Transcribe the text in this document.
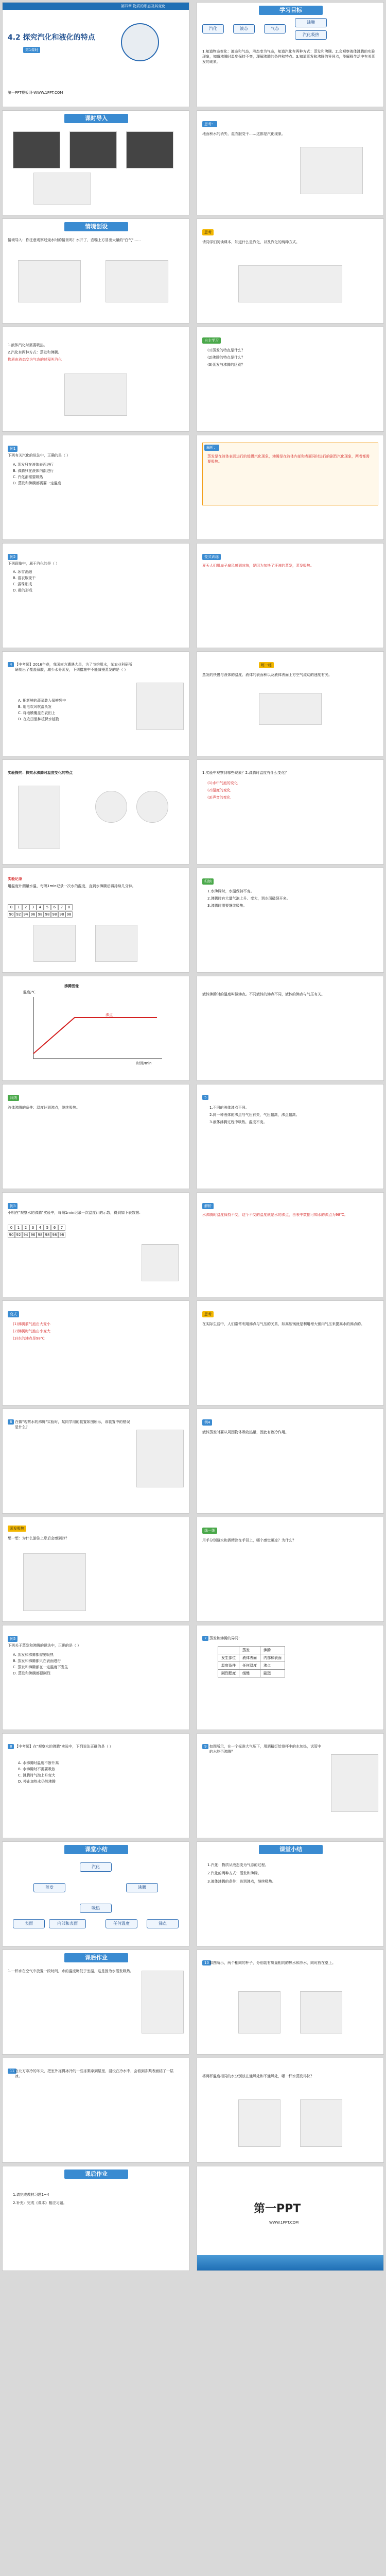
第四章 物质的形态及其变化
4.2 探究汽化和液化的特点
第1课时
第一PPT模板网-WWW.1PPT.COM
学习目标
汽化	液态	气态
沸腾
汽化吸热
1.知道物态变化：液态和气态，液态变为气态，知道汽化有两种方式：蒸发和沸腾。2.会观察液体沸腾的实验现象，知道沸腾时温度保持不变，理解沸腾的条件和特点。3.知道蒸发和沸腾的异同点，能解释生活中有关蒸发的现象。
课时导入
思考：
地面积水的消失、湿衣服变干……这都是汽化现象。
情境创设
情境导入：你注意观察过烧水时的情景吗？水开了，壶嘴上方冒出大量的"白气"……
思考
请同学们阅读课本，知道什么是汽化，以及汽化的两种方式。
1.液体汽化时需要吸热。
2.汽化有两种方式：蒸发和沸腾。
物质由液态变为气态的过程叫汽化
自主学习
(1)蒸发的特点是什么？
(2)沸腾的特点是什么？
(3)蒸发与沸腾的区别？
例1
下列有关汽化的说法中，正确的是（ ）
A. 蒸发只在液体表面进行
B. 沸腾只在液体内部进行
C. 汽化都需要吸热
D. 蒸发和沸腾都需要一定温度
解析：
蒸发是在液体表面进行的缓慢汽化现象，沸腾是在液体内部和表面同时进行的剧烈汽化现象，两者都需要吸热。
例2
下列现象中，属于汽化的是（ ）
A. 冰雪消融
B. 湿衣服变干
C. 露珠形成
D. 霜的形成
变式训练
夏天人们用扇子扇风感到凉快，是因为加快了汗液的蒸发，蒸发吸热。
4 【中考题】2016年春，我国南方遭遇大旱，为了节约用水，某农业科研所研制出了覆盖薄膜，减少水分蒸发，下列措施中不能减慢蒸发的是（ ）
A. 把新鲜的蔬菜装入保鲜袋中
B. 用电吹风吹湿头发
C. 将地膜覆盖在农田上
D. 在农田里种植保水植物
练一练
蒸发的快慢与液体的温度、液体的表面积以及液体表面上方空气流动的速度有关。
实验探究：探究水沸腾时温度变化的特点	1.实验中观察到哪些现象？2.沸腾时温度有什么变化？
(1)水中气泡的变化
(2)温度的变化
(3)声音的变化
实验记录
用温度计测量水温，每隔1min记录一次水的温度，直到水沸腾后再持续几分钟。
0 1 2 3 4 5 6 7 8
90 92 94 96 98 98 98 98 98
归纳
1.水沸腾时，水温保持不变。
2.沸腾时有大量气泡上升、变大，到水面破裂开来。
3.沸腾时需要继续吸热。
沸腾图像
时间/min
温度/℃
沸点
液体沸腾时的温度叫做沸点。不同液体的沸点不同，液体的沸点与气压有关。
归纳
液体沸腾的条件：温度达到沸点，继续吸热。
5
1.不同的液体沸点不同。
2.同一种液体的沸点与气压有关，气压越高，沸点越高。
3.液体沸腾过程中吸热，温度不变。
例3
小明在"观察水的沸腾"实验中，每隔1min记录一次温度计的示数，得到如下表数据：
0 1 2 3 4 5 6 7
90 92 94 96 98 98 98 98
解析
水沸腾时温度保持不变，这个不变的温度就是水的沸点，由表中数据可知水的沸点为98℃。
变式
(1)沸腾前气泡由大变小
(2)沸腾时气泡由小变大
(3)水的沸点是98℃
思考
在实际生活中，人们常常利用沸点与气压的关系，如高压锅就是利用增大锅内气压来提高水的沸点的。
6 在做"观察水的沸腾"实验时，某同学用的装置如图所示，该装置中的错误是什么？
例4
液体蒸发时要从周围物体吸收热量，因此有致冷作用。
蒸发吸热
想一想：为什么游泳上岸后会感到冷？
练一练
用手分别蘸水和酒精涂在手背上，哪个感觉更凉？为什么？
例5
下列关于蒸发和沸腾的说法中，正确的是（ ）
A. 蒸发和沸腾都需要吸热
B. 蒸发和沸腾都只在表面进行
C. 蒸发和沸腾都在一定温度下发生
D. 蒸发和沸腾都很剧烈
7 蒸发和沸腾的异同：
	蒸发	沸腾
发生部位	液体表面	内部和表面
温度条件	任何温度	沸点
剧烈程度	缓慢	剧烈
8 【中考题】在"观察水的沸腾"实验中，下列说法正确的是（ ）
A. 水沸腾时温度不断升高
B. 水沸腾时不需要吸热
C. 沸腾时气泡上升变大
D. 停止加热水仍然沸腾
9 如图所示，在一个标准大气压下，用酒精灯给烧杯中的水加热，试管中的水能否沸腾？
课堂小结
汽化
蒸发	沸腾
吸热
表面	内部和表面	任何温度	沸点
课堂小结
1.汽化：物质从液态变为气态的过程。
2.汽化的两种方式：蒸发和沸腾。
3.液体沸腾的条件：达到沸点，继续吸热。
课后作业
1.一杯水在空气中放置一段时间，水的温度略低于室温，这是因为水蒸发吸热。
10 如图所示，两个相同的杯子，分别装有质量相同的热水和冷水，同时放在桌上。
11 在北方寒冷的冬天，把室外冻得冰冷的一些冻梨拿到屋里，浸没在冷水中，会看到冻梨表面结了一层冰。	将两杯温度相同的水分别放在通风处和不通风处，哪一杯水蒸发得快？
课后作业
1.请完成教材习题1~4
2.补充：完成《课本》相应习题。	第一PPT
WWW.1PPT.COM
